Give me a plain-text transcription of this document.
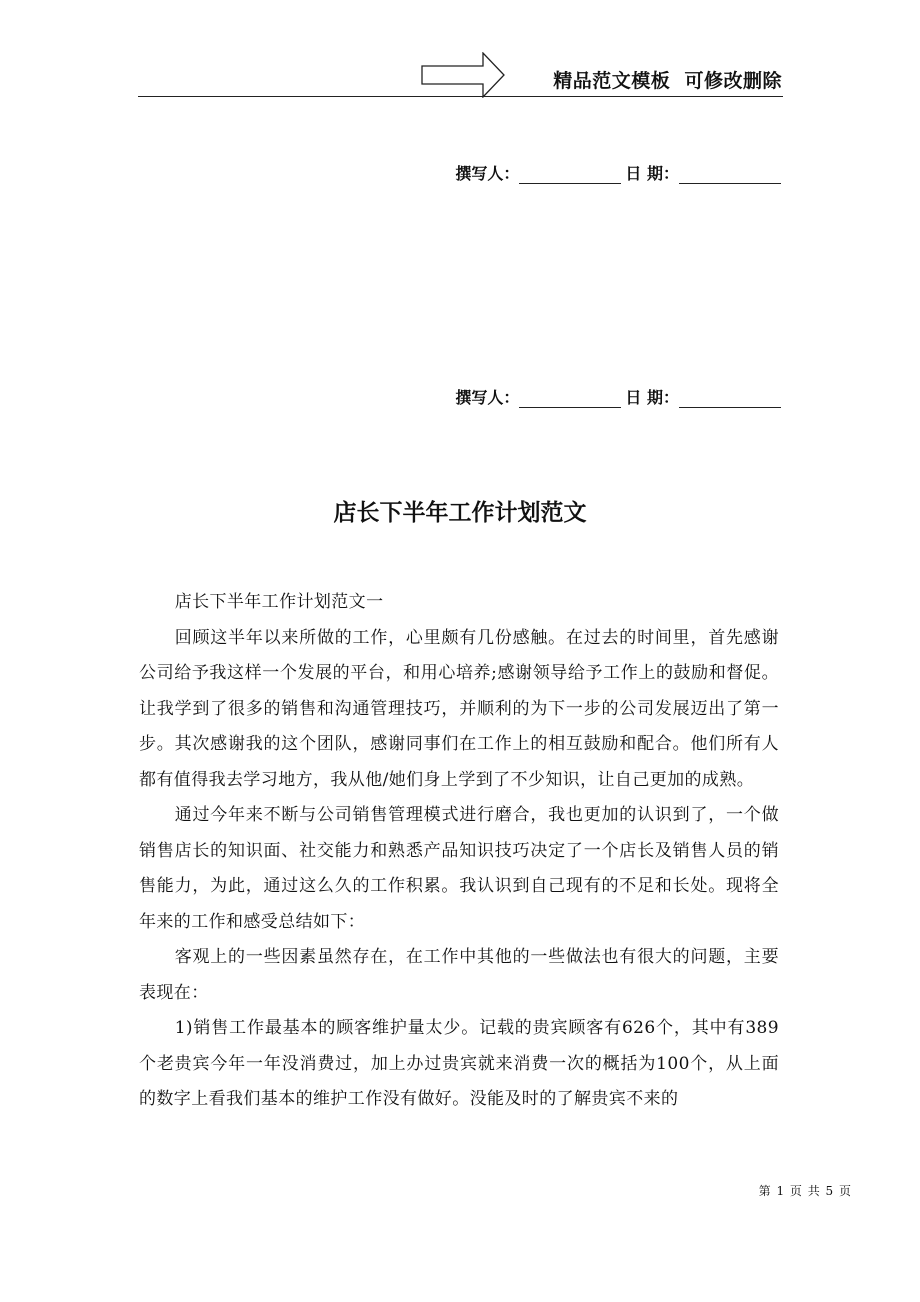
精品范文模板  可修改删除
撰写人：	日 期：
撰写人：	日 期：
店长下半年工作计划范文

店长下半年工作计划范文一

回顾这半年以来所做的工作，心里颇有几份感触。在过去的时间里，首先感谢公司给予我这样一个发展的平台，和用心培养;感谢领导给予工作上的鼓励和督促。让我学到了很多的销售和沟通管理技巧，并顺利的为下一步的公司发展迈出了第一步。其次感谢我的这个团队，感谢同事们在工作上的相互鼓励和配合。他们所有人都有值得我去学习地方，我从他/她们身上学到了不少知识，让自己更加的成熟。

通过今年来不断与公司销售管理模式进行磨合，我也更加的认识到了，一个做销售店长的知识面、社交能力和熟悉产品知识技巧决定了一个店长及销售人员的销售能力，为此，通过这么久的工作积累。我认识到自己现有的不足和长处。现将全年来的工作和感受总结如下：

客观上的一些因素虽然存在，在工作中其他的一些做法也有很大的问题，主要表现在：

1)销售工作最基本的顾客维护量太少。记载的贵宾顾客有626个，其中有389个老贵宾今年一年没消费过，加上办过贵宾就来消费一次的概括为100个，从上面的数字上看我们基本的维护工作没有做好。没能及时的了解贵宾不来的

第 1 页 共 5 页
